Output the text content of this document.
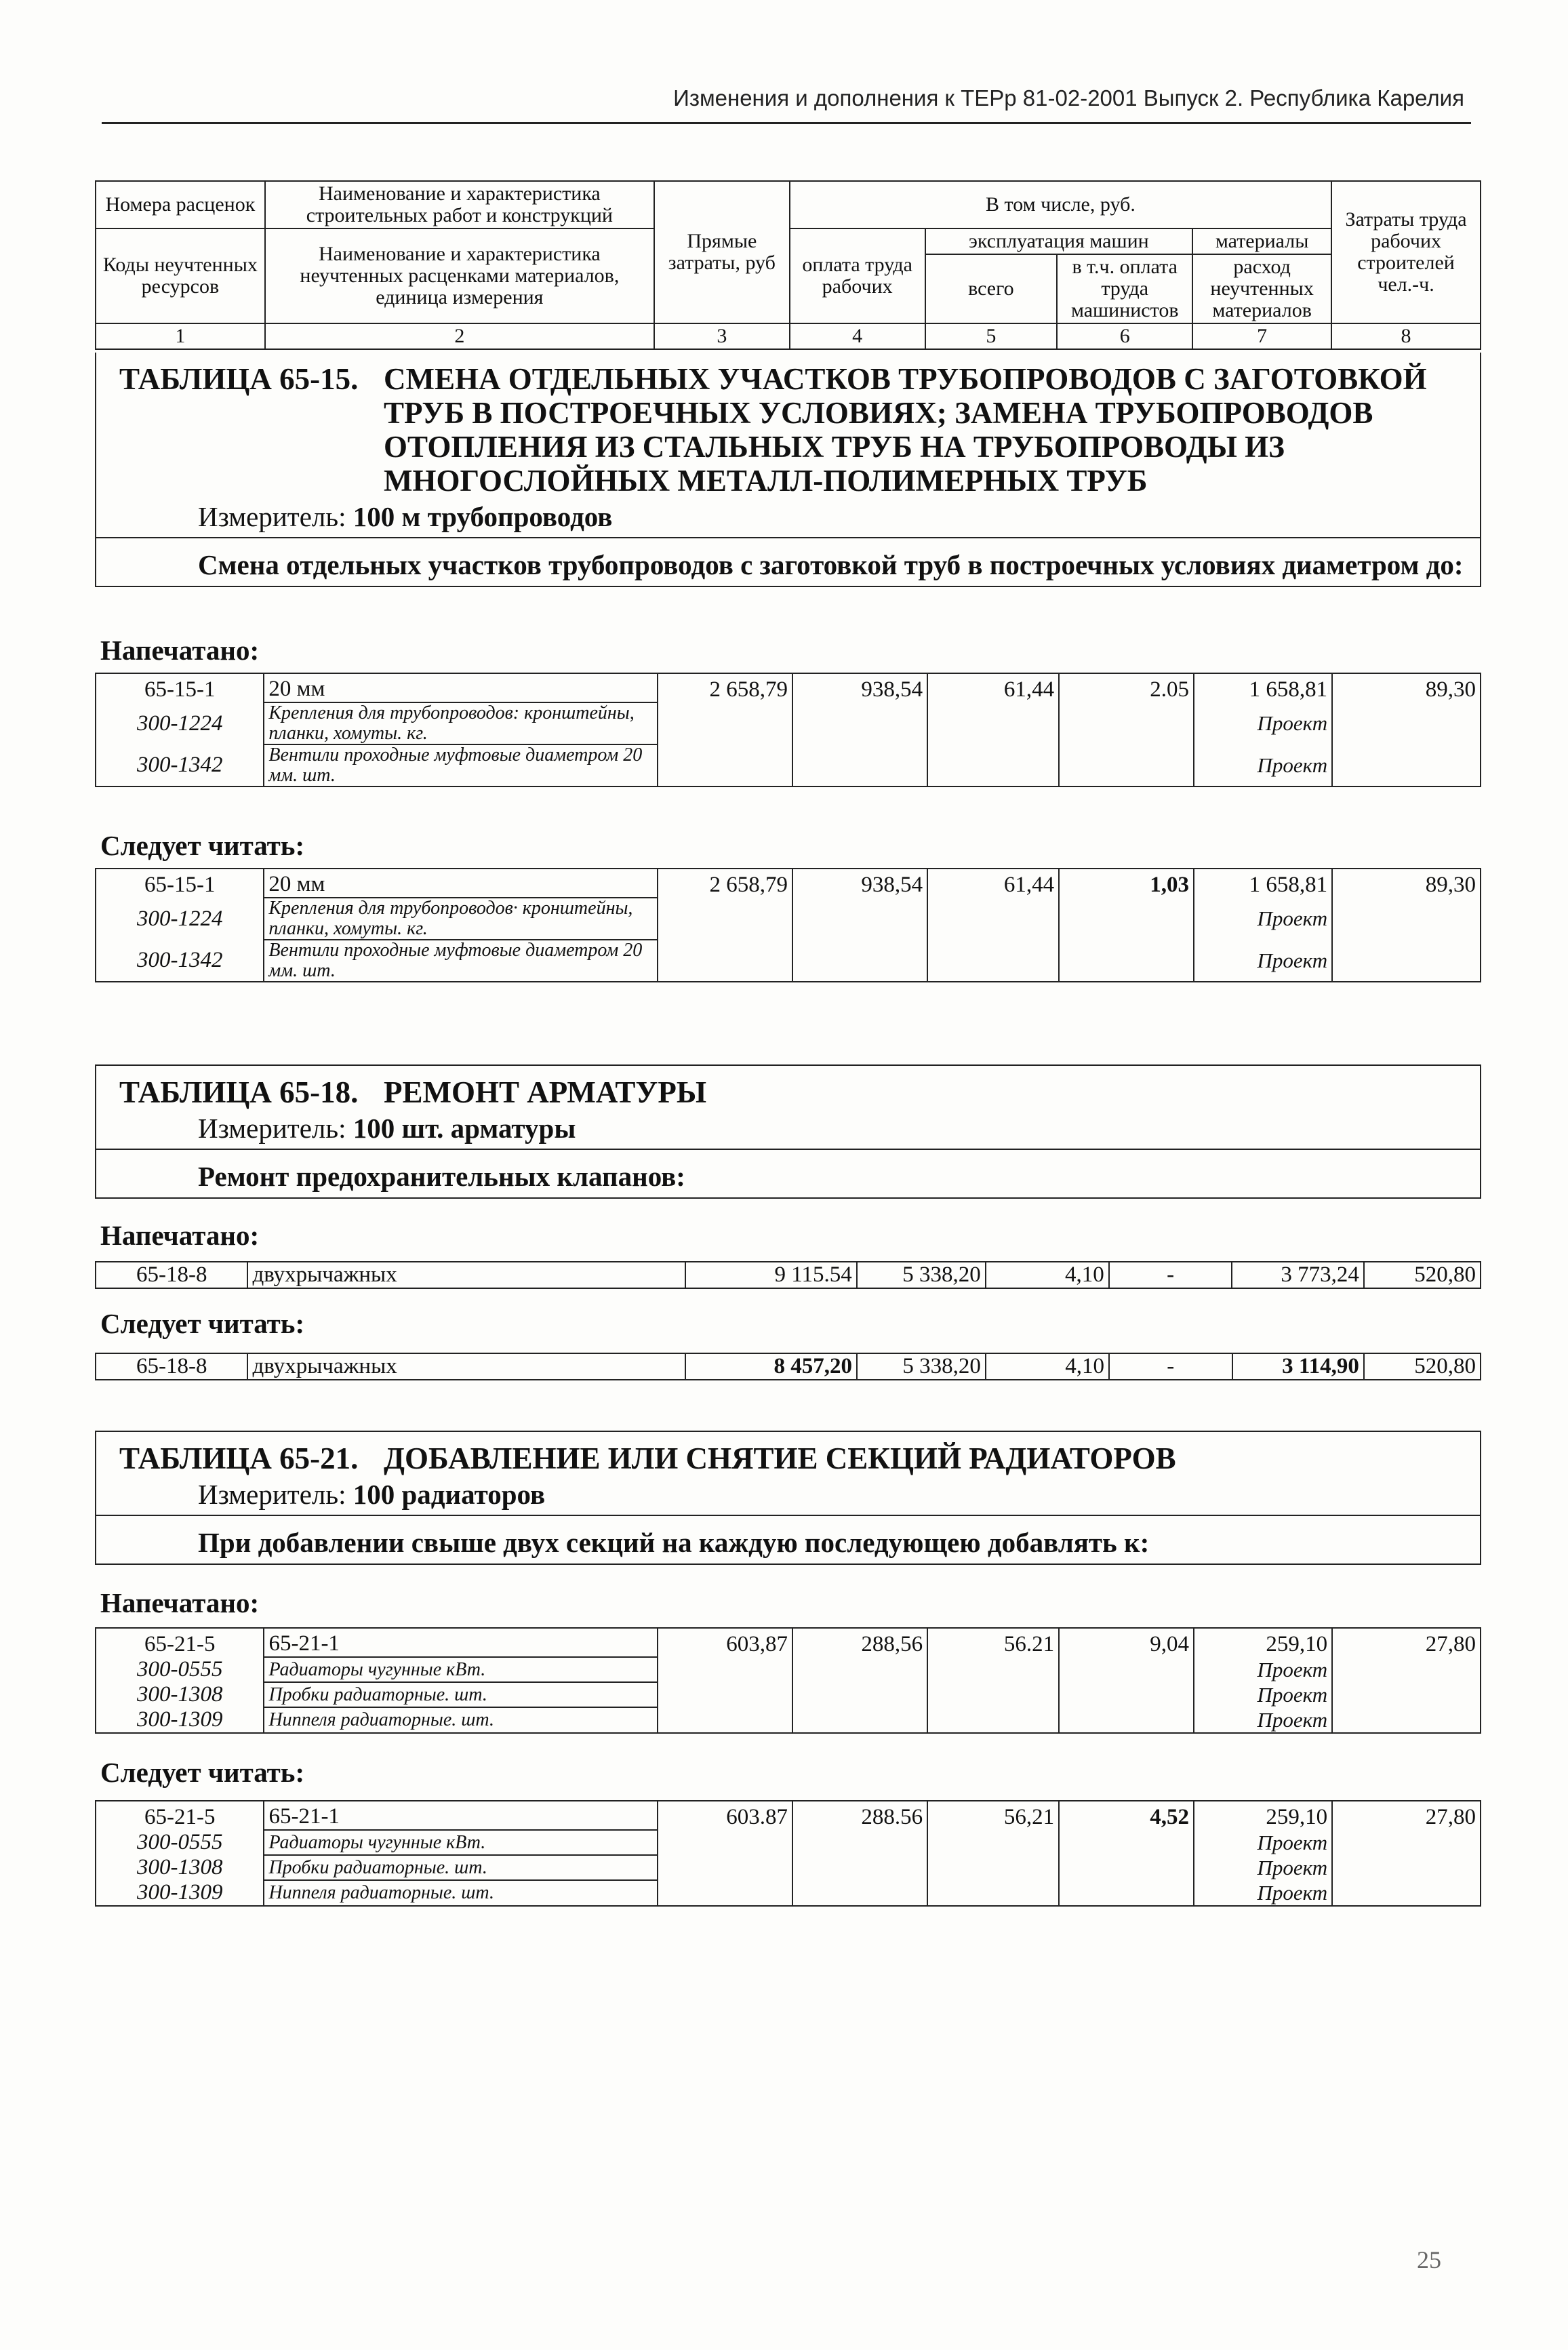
Изменения и дополнения к ТЕРр 81-02-2001 Выпуск 2. Республика Карелия
Номера расценок	Наименование и характеристика строительных работ и конструкций	Прямые затраты, руб	В том числе, руб.				Затраты труда рабочих строителей чел.-ч.
Коды неучтенных ресурсов	Наименование и характеристика неучтенных расценками материалов, единица измерения		оплата труда рабочих	эксплуатация машин		материалы	
				всего	в т.ч. оплата труда машинистов	расход неучтенных материалов	

1	2	3	4	5	6	7	8
ТАБЛИЦА 65-15. СМЕНА ОТДЕЛЬНЫХ УЧАСТКОВ ТРУБОПРОВОДОВ С ЗАГОТОВКОЙ ТРУБ В ПОСТРОЕЧНЫХ УСЛОВИЯХ; ЗАМЕНА ТРУБОПРОВОДОВ ОТОПЛЕНИЯ ИЗ СТАЛЬНЫХ ТРУБ НА ТРУБОПРОВОДЫ ИЗ МНОГОСЛОЙНЫХ МЕТАЛЛ-ПОЛИМЕРНЫХ ТРУБ
Измеритель: 100 м трубопроводов
Смена отдельных участков трубопроводов с заготовкой труб в построечных условиях диаметром до:
Напечатано:
65-15-1	20 мм	2 658,79	938,54	61,44	2.05	1 658,81	89,30
300-1224	Крепления для трубопроводов: кронштейны, планки, хомуты. кг.					Проект	
300-1342	Вентили проходные муфтовые диаметром 20 мм. шт.					Проект	
Следует читать:
65-15-1	20 мм	2 658,79	938,54	61,44	1,03	1 658,81	89,30
300-1224	Крепления для трубопроводов· кронштейны, планки, хомуты. кг.					Проект	
300-1342	Вентили проходные муфтовые диаметром 20 мм. шт.					Проект	
ТАБЛИЦА 65-18. РЕМОНТ АРМАТУРЫ
Измеритель: 100 шт. арматуры
Ремонт предохранительных клапанов:
Напечатано:
65-18-8	двухрычажных	9 115.54	5 338,20	4,10	-	3 773,24	520,80
Следует читать:
65-18-8	двухрычажных	8 457,20	5 338,20	4,10	-	3 114,90	520,80
ТАБЛИЦА 65-21. ДОБАВЛЕНИЕ ИЛИ СНЯТИЕ СЕКЦИЙ РАДИАТОРОВ
Измеритель: 100 радиаторов
При добавлении свыше двух секций на каждую последующею добавлять к:
Напечатано:
65-21-5	65-21-1	603,87	288,56	56.21	9,04	259,10	27,80
300-0555	Радиаторы чугунные кВт.					Проект	
300-1308	Пробки радиаторные. шт.					Проект	
300-1309	Ниппеля радиаторные. шт.					Проект	
Следует читать:
65-21-5	65-21-1	603.87	288.56	56,21	4,52	259,10	27,80
300-0555	Радиаторы чугунные кВт.					Проект	
300-1308	Пробки радиаторные. шт.					Проект	
300-1309	Ниппеля радиаторные. шт.					Проект	
25
